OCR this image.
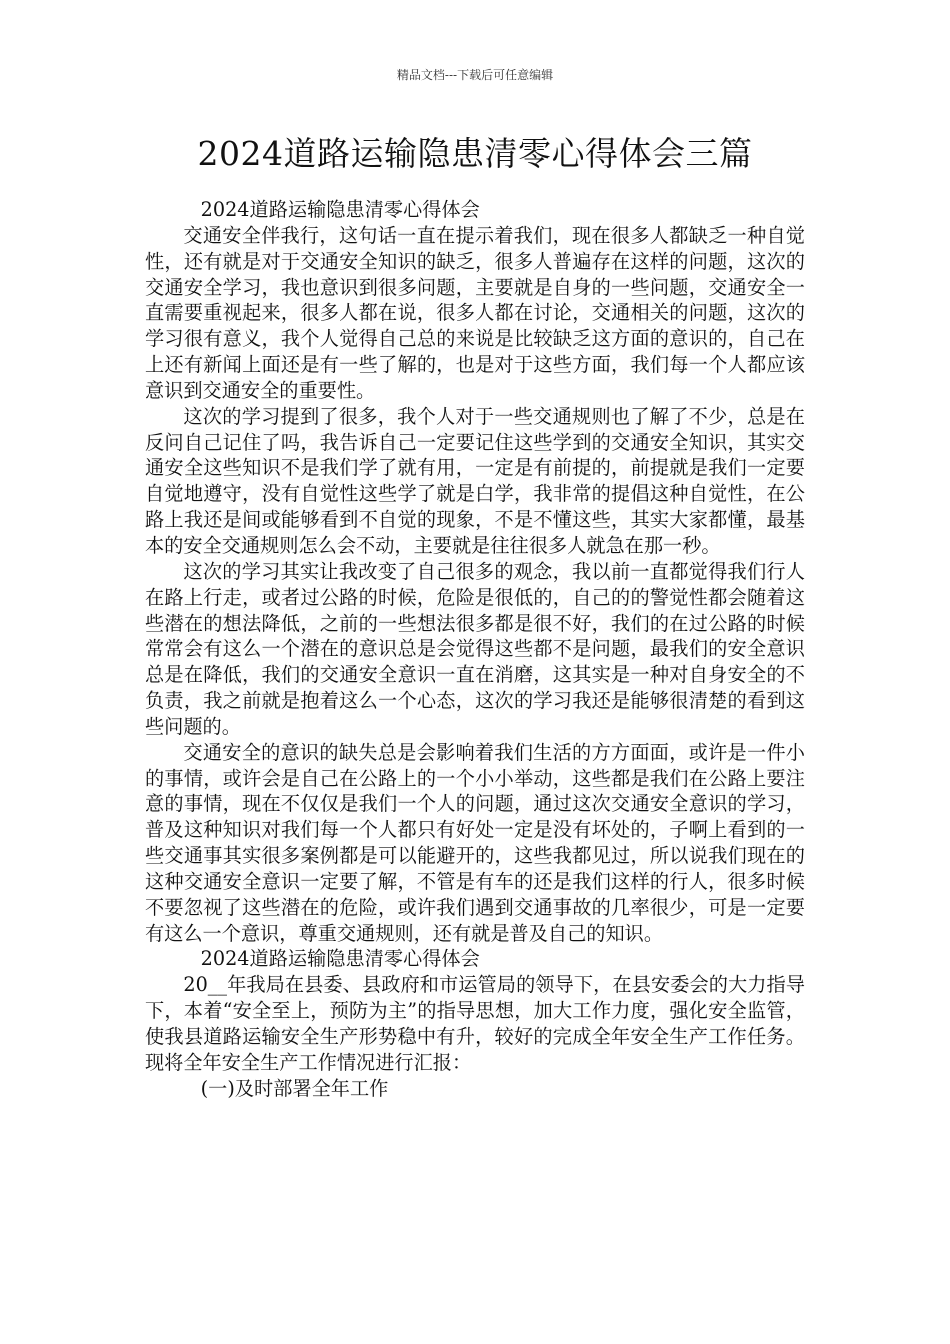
精品文档---下载后可任意编辑
2024道路运输隐患清零心得体会三篇

2024道路运输隐患清零心得体会

交通安全伴我行，这句话一直在提示着我们，现在很多人都缺乏一种自觉性，还有就是对于交通安全知识的缺乏，很多人普遍存在这样的问题，这次的交通安全学习，我也意识到很多问题，主要就是自身的一些问题，交通安全一直需要重视起来，很多人都在说，很多人都在讨论，交通相关的问题，这次的学习很有意义，我个人觉得自己总的来说是比较缺乏这方面的意识的，自己在上还有新闻上面还是有一些了解的，也是对于这些方面，我们每一个人都应该意识到交通安全的重要性。

这次的学习提到了很多，我个人对于一些交通规则也了解了不少，总是在反问自己记住了吗，我告诉自己一定要记住这些学到的交通安全知识，其实交通安全这些知识不是我们学了就有用，一定是有前提的，前提就是我们一定要自觉地遵守，没有自觉性这些学了就是白学，我非常的提倡这种自觉性，在公路上我还是间或能够看到不自觉的现象，不是不懂这些，其实大家都懂，最基本的安全交通规则怎么会不动，主要就是往往很多人就急在那一秒。

这次的学习其实让我改变了自己很多的观念，我以前一直都觉得我们行人在路上行走，或者过公路的时候，危险是很低的，自己的的警觉性都会随着这些潜在的想法降低，之前的一些想法很多都是很不好，我们的在过公路的时候常常会有这么一个潜在的意识总是会觉得这些都不是问题，最我们的安全意识总是在降低，我们的交通安全意识一直在消磨，这其实是一种对自身安全的不负责，我之前就是抱着这么一个心态，这次的学习我还是能够很清楚的看到这些问题的。

交通安全的意识的缺失总是会影响着我们生活的方方面面，或许是一件小的事情，或许会是自己在公路上的一个小小举动，这些都是我们在公路上要注意的事情，现在不仅仅是我们一个人的问题，通过这次交通安全意识的学习，普及这种知识对我们每一个人都只有好处一定是没有坏处的，子啊上看到的一些交通事其实很多案例都是可以能避开的，这些我都见过，所以说我们现在的这种交通安全意识一定要了解，不管是有车的还是我们这样的行人，很多时候不要忽视了这些潜在的危险，或许我们遇到交通事故的几率很少，可是一定要有这么一个意识，尊重交通规则，还有就是普及自己的知识。

2024道路运输隐患清零心得体会

20__年我局在县委、县政府和市运管局的领导下，在县安委会的大力指导下，本着“安全至上，预防为主”的指导思想，加大工作力度，强化安全监管，使我县道路运输安全生产形势稳中有升，较好的完成全年安全生产工作任务。现将全年安全生产工作情况进行汇报：

(一)及时部署全年工作
